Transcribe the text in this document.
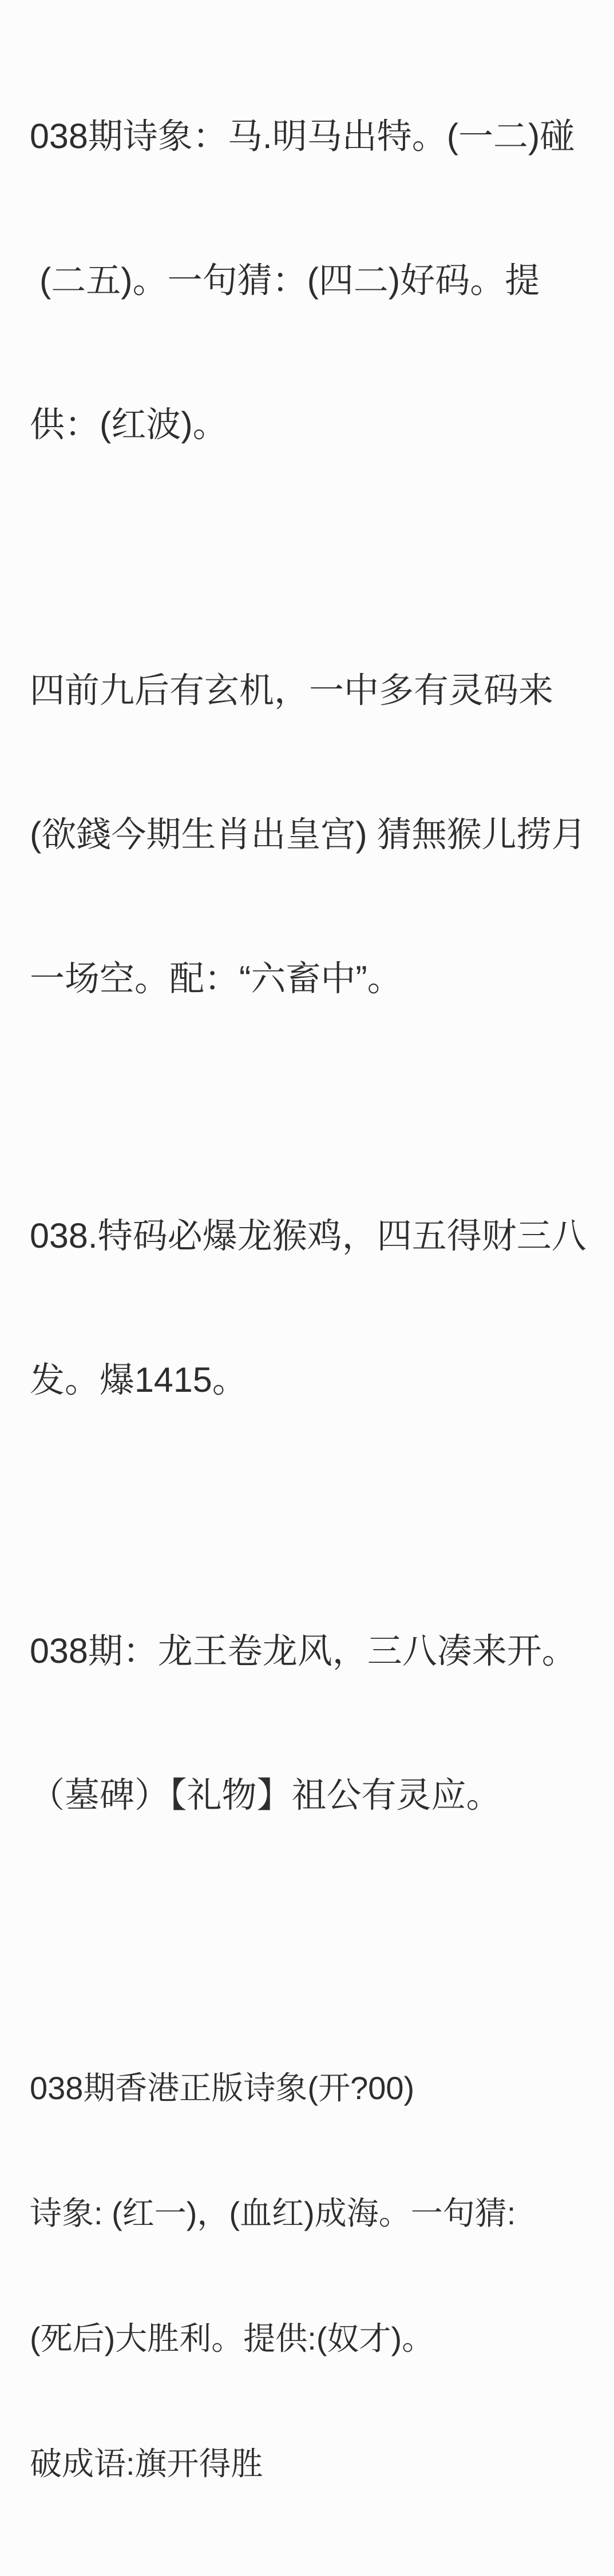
038期诗象：马.明马出特。(一二)碰

(二五)。一句猜：(四二)好码。提

供：(红波)。

四前九后有玄机，一中多有灵码来

(欲錢今期生肖出皇宫) 猜無猴儿捞月

一场空。配：“六畜中”。

038.特码必爆龙猴鸡，四五得财三八

发。爆1415。

038期：龙王卷龙风，三八凑来开。

（墓碑）【礼物】祖公有灵应。

038期香港正版诗象(开?00)

诗象: (红一)，(血红)成海。一句猜:

(死后)大胜利。提供:(奴才)。

破成语:旗开得胜
